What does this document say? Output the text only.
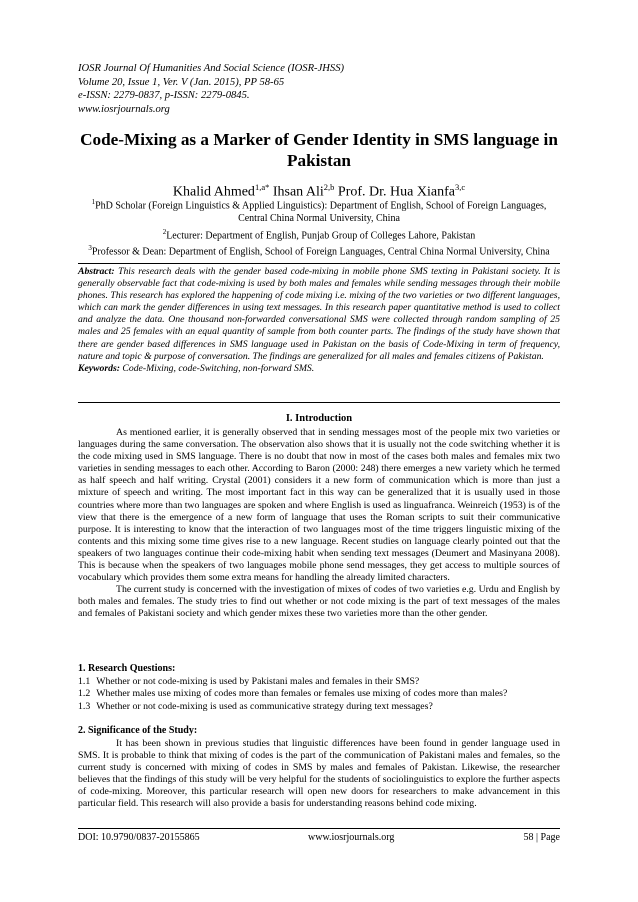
IOSR Journal Of Humanities And Social Science (IOSR-JHSS)
Volume 20, Issue 1, Ver. V (Jan. 2015), PP 58-65
e-ISSN: 2279-0837, p-ISSN: 2279-0845.
www.iosrjournals.org
Code-Mixing as a Marker of Gender Identity in SMS language in Pakistan
Khalid Ahmed$^{1,a*}$ Ihsan Ali$^{2,b}$ Prof. Dr. Hua Xianfa$^{3,c}$
$^1$PhD Scholar (Foreign Linguistics & Applied Linguistics): Department of English, School of Foreign Languages, Central China Normal University, China
$^2$Lecturer: Department of English, Punjab Group of Colleges Lahore, Pakistan
$^3$Professor & Dean: Department of English, School of Foreign Languages, Central China Normal University, China
Abstract: This research deals with the gender based code-mixing in mobile phone SMS texting in Pakistani society. It is generally observable fact that code-mixing is used by both males and females while sending messages through their mobile phones. This research has explored the happening of code mixing i.e. mixing of the two varieties or two different languages, which can mark the gender differences in using text messages. In this research paper quantitative method is used to collect and analyze the data. One thousand non-forwarded conversational SMS were collected through random sampling of 25 males and 25 females with an equal quantity of sample from both counter parts. The findings of the study have shown that there are gender based differences in SMS language used in Pakistan on the basis of Code-Mixing in term of frequency, nature and topic & purpose of conversation. The findings are generalized for all males and females citizens of Pakistan.
Keywords: Code-Mixing, code-Switching, non-forward SMS.
I. Introduction

As mentioned earlier, it is generally observed that in sending messages most of the people mix two varieties or languages during the same conversation. The observation also shows that it is usually not the code switching whether it is the code mixing used in SMS language. There is no doubt that now in most of the cases both males and females mix two varieties in sending messages to each other. According to Baron (2000: 248) there emerges a new variety which he termed as half speech and half writing. Crystal (2001) considers it a new form of communication which is more than just a mixture of speech and writing. The most important fact in this way can be generalized that it is usually used in those countries where more than two languages are spoken and where English is used as linguafranca. Weinreich (1953) is of the view that there is the emergence of a new form of language that uses the Roman scripts to suit their communicative purpose. It is interesting to know that the interaction of two languages most of the time triggers linguistic mixing of the contents and this mixing some time gives rise to a new language. Recent studies on language clearly pointed out that the speakers of two languages continue their code-mixing habit when sending text messages (Deumert and Masinyana 2008). This is because when the speakers of two languages mobile phone send messages, they get access to multiple sources of vocabulary which provides them some extra means for handling the already limited characters.

The current study is concerned with the investigation of mixes of codes of two varieties e.g. Urdu and English by both males and females. The study tries to find out whether or not code mixing is the part of text messages of the males and females of Pakistani society and which gender mixes these two varieties more than the other gender.

1. Research Questions:
1.1 Whether or not code-mixing is used by Pakistani males and females in their SMS?
1.2 Whether males use mixing of codes more than females or females use mixing of codes more than males?
1.3 Whether or not code-mixing is used as communicative strategy during text messages?
2. Significance of the Study:

It has been shown in previous studies that linguistic differences have been found in gender language used in SMS. It is probable to think that mixing of codes is the part of the communication of Pakistani males and females, so the current study is concerned with mixing of codes in SMS by males and females of Pakistan. Likewise, the researcher believes that the findings of this study will be very helpful for the students of sociolinguistics to explore the further aspects of code-mixing. Moreover, this particular research will open new doors for researchers to make advancement in this particular field. This research will also provide a basis for understanding reasons behind code mixing.

DOI: 10.9790/0837-20155865	www.iosrjournals.org	58 | Page
